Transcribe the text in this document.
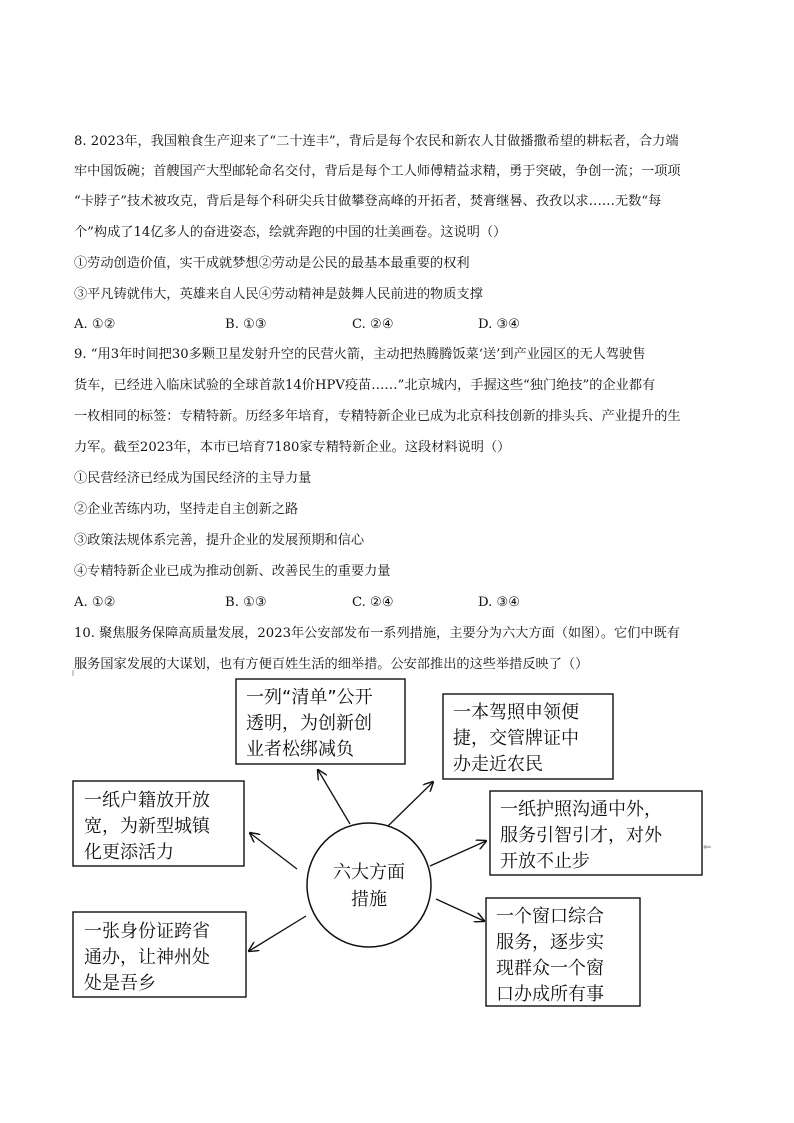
8. 2023年，我国粮食生产迎来了“二十连丰”，背后是每个农民和新农人甘做播撒希望的耕耘者，合力端
牢中国饭碗；首艘国产大型邮轮命名交付，背后是每个工人师傅精益求精，勇于突破，争创一流；一项项
“卡脖子”技术被攻克，背后是每个科研尖兵甘做攀登高峰的开拓者，焚膏继晷、孜孜以求……无数“每
个”构成了14亿多人的奋进姿态，绘就奔跑的中国的壮美画卷。这说明（）
①劳动创造价值，实干成就梦想②劳动是公民的最基本最重要的权利
③平凡铸就伟大，英雄来自人民④劳动精神是鼓舞人民前进的物质支撑
A. ①②	B. ①③	C. ②④	D. ③④
9. “用3年时间把30多颗卫星发射升空的民营火箭，主动把热腾腾饭菜‘送’到产业园区的无人驾驶售
货车，已经进入临床试验的全球首款14价HPV疫苗……”北京城内，手握这些“独门绝技”的企业都有
一枚相同的标签：专精特新。历经多年培育，专精特新企业已成为北京科技创新的排头兵、产业提升的生
力军。截至2023年，本市已培育7180家专精特新企业。这段材料说明（）
①民营经济已经成为国民经济的主导力量
②企业苦练内功，坚持走自主创新之路
③政策法规体系完善，提升企业的发展预期和信心
④专精特新企业已成为推动创新、改善民生的重要力量
A. ①②	B. ①③	C. ②④	D. ③④
10. 聚焦服务保障高质量发展，2023年公安部发布一系列措施，主要分为六大方面（如图）。它们中既有
服务国家发展的大谋划，也有方便百姓生活的细举措。公安部推出的这些举措反映了（）
⇐
六大方面
措施
一列“清单”公开
透明，为创新创
业者松绑减负
一本驾照申领便
捷，交管牌证中
办走近农民
一纸户籍放开放
宽，为新型城镇
化更添活力
一纸护照沟通中外，
服务引智引才，对外
开放不止步
一张身份证跨省
通办，让神州处
处是吾乡
一个窗口综合
服务，逐步实
现群众一个窗
口办成所有事
